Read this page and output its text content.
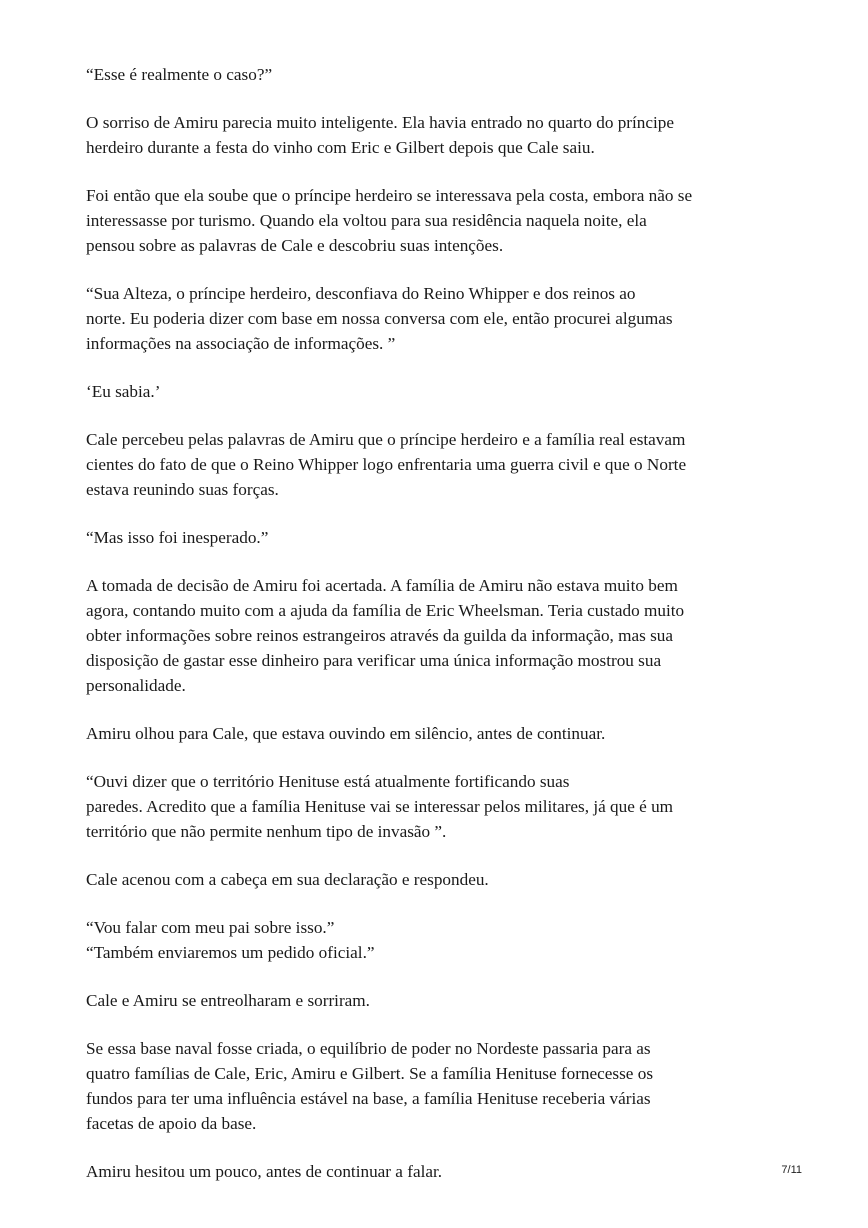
“Esse é realmente o caso?”

O sorriso de Amiru parecia muito inteligente. Ela havia entrado no quarto do príncipe
herdeiro durante a festa do vinho com Eric e Gilbert depois que Cale saiu.

Foi então que ela soube que o príncipe herdeiro se interessava pela costa, embora não se
interessasse por turismo. Quando ela voltou para sua residência naquela noite, ela
pensou sobre as palavras de Cale e descobriu suas intenções.

“Sua Alteza, o príncipe herdeiro, desconfiava do Reino Whipper e dos reinos ao
norte. Eu poderia dizer com base em nossa conversa com ele, então procurei algumas
informações na associação de informações. ”

‘Eu sabia.’

Cale percebeu pelas palavras de Amiru que o príncipe herdeiro e a família real estavam
cientes do fato de que o Reino Whipper logo enfrentaria uma guerra civil e que o Norte
estava reunindo suas forças.

“Mas isso foi inesperado.”

A tomada de decisão de Amiru foi acertada. A família de Amiru não estava muito bem
agora, contando muito com a ajuda da família de Eric Wheelsman. Teria custado muito
obter informações sobre reinos estrangeiros através da guilda da informação, mas sua
disposição de gastar esse dinheiro para verificar uma única informação mostrou sua
personalidade.

Amiru olhou para Cale, que estava ouvindo em silêncio, antes de continuar.

“Ouvi dizer que o território Henituse está atualmente fortificando suas
paredes. Acredito que a família Henituse vai se interessar pelos militares, já que é um
território que não permite nenhum tipo de invasão ”.

Cale acenou com a cabeça em sua declaração e respondeu.

“Vou falar com meu pai sobre isso.”

“Também enviaremos um pedido oficial.”

Cale e Amiru se entreolharam e sorriram.

Se essa base naval fosse criada, o equilíbrio de poder no Nordeste passaria para as
quatro famílias de Cale, Eric, Amiru e Gilbert. Se a família Henituse fornecesse os
fundos para ter uma influência estável na base, a família Henituse receberia várias
facetas de apoio da base.

Amiru hesitou um pouco, antes de continuar a falar.	7/11
